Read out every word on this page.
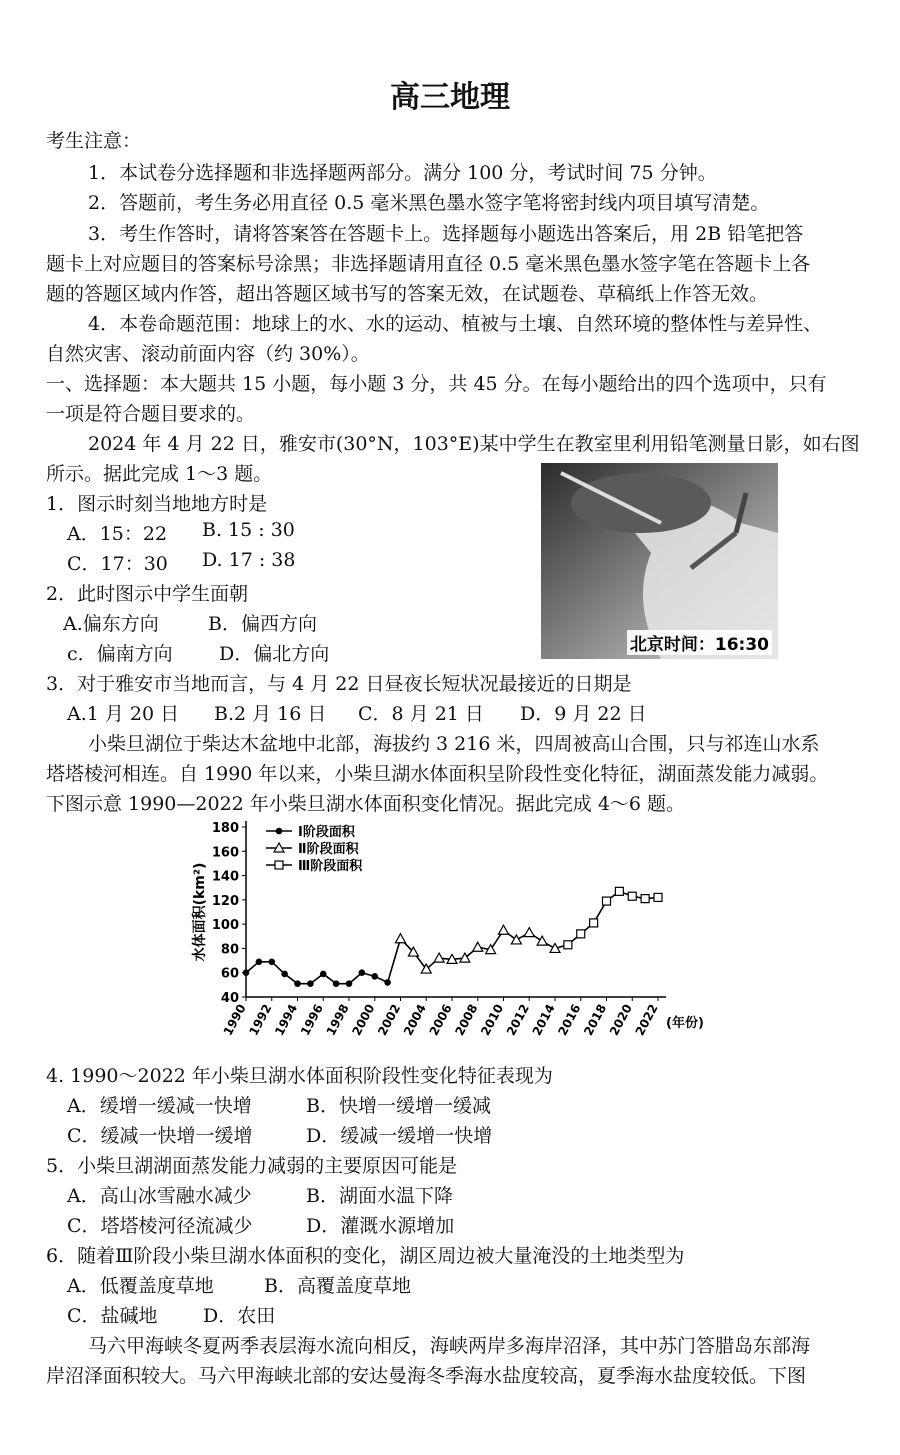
高三地理
考生注意：
1．本试卷分选择题和非选择题两部分。满分 100 分，考试时间 75 分钟。
2．答题前，考生务必用直径 0.5 毫米黑色墨水签字笔将密封线内项目填写清楚。
3．考生作答时，请将答案答在答题卡上。选择题每小题选出答案后，用 2B 铅笔把答
题卡上对应题目的答案标号涂黑；非选择题请用直径 0.5 毫米黑色墨水签字笔在答题卡上各
题的答题区域内作答，超出答题区域书写的答案无效，在试题卷、草稿纸上作答无效。
4．本卷命题范围：地球上的水、水的运动、植被与土壤、自然环境的整体性与差异性、
自然灾害、滚动前面内容（约 30%）。
一、选择题：本大题共 15 小题，每小题 3 分，共 45 分。在每小题给出的四个选项中，只有
一项是符合题目要求的。
2024 年 4 月 22 日，雅安市(30°N，103°E)某中学生在教室里利用铅笔测量日影，如右图
所示。据此完成 1～3 题。
北京时间：16:30
1．图示时刻当地地方时是
A．15：22 B. 15 : 30
C．17：30 D. 17 : 38
2．此时图示中学生面朝
A.偏东方向	B．偏西方向
c．偏南方向 D．偏北方向
3．对于雅安市当地而言，与 4 月 22 日昼夜长短状况最接近的日期是
A.1 月 20 日 B.2 月 16 日 C．8 月 21 日 D．9 月 22 日
小柴旦湖位于柴达木盆地中北部，海拔约 3 216 米，四周被高山合围，只与祁连山水系
塔塔棱河相连。自 1990 年以来，小柴旦湖水体面积呈阶段性变化特征，湖面蒸发能力减弱。
下图示意 1990—2022 年小柴旦湖水体面积变化情况。据此完成 4～6 题。
40
60
80
100
120
140
160
180
1990
1992
1994
1996
1998
2000
2002
2004
2006
2008
2010
2012
2014
2016
2018
2020
2022
水体面积(km²)
(年份)
Ⅰ阶段面积
Ⅱ阶段面积
Ⅲ阶段面积
4. 1990～2022 年小柴旦湖水体面积阶段性变化特征表现为
A．缓增一缓减一快增	B．快增一缓增一缓减
C．缓减一快增一缓增	D．缓减一缓增一快增
5．小柴旦湖湖面蒸发能力减弱的主要原因可能是
A．高山冰雪融水减少	B．湖面水温下降
C．塔塔棱河径流减少	D．灌溉水源增加
6．随着Ⅲ阶段小柴旦湖水体面积的变化，湖区周边被大量淹没的土地类型为
A．低覆盖度草地	B．高覆盖度草地
C．盐碱地 D．农田
马六甲海峡冬夏两季表层海水流向相反，海峡两岸多海岸沼泽，其中苏门答腊岛东部海
岸沼泽面积较大。马六甲海峡北部的安达曼海冬季海水盐度较高，夏季海水盐度较低。下图
